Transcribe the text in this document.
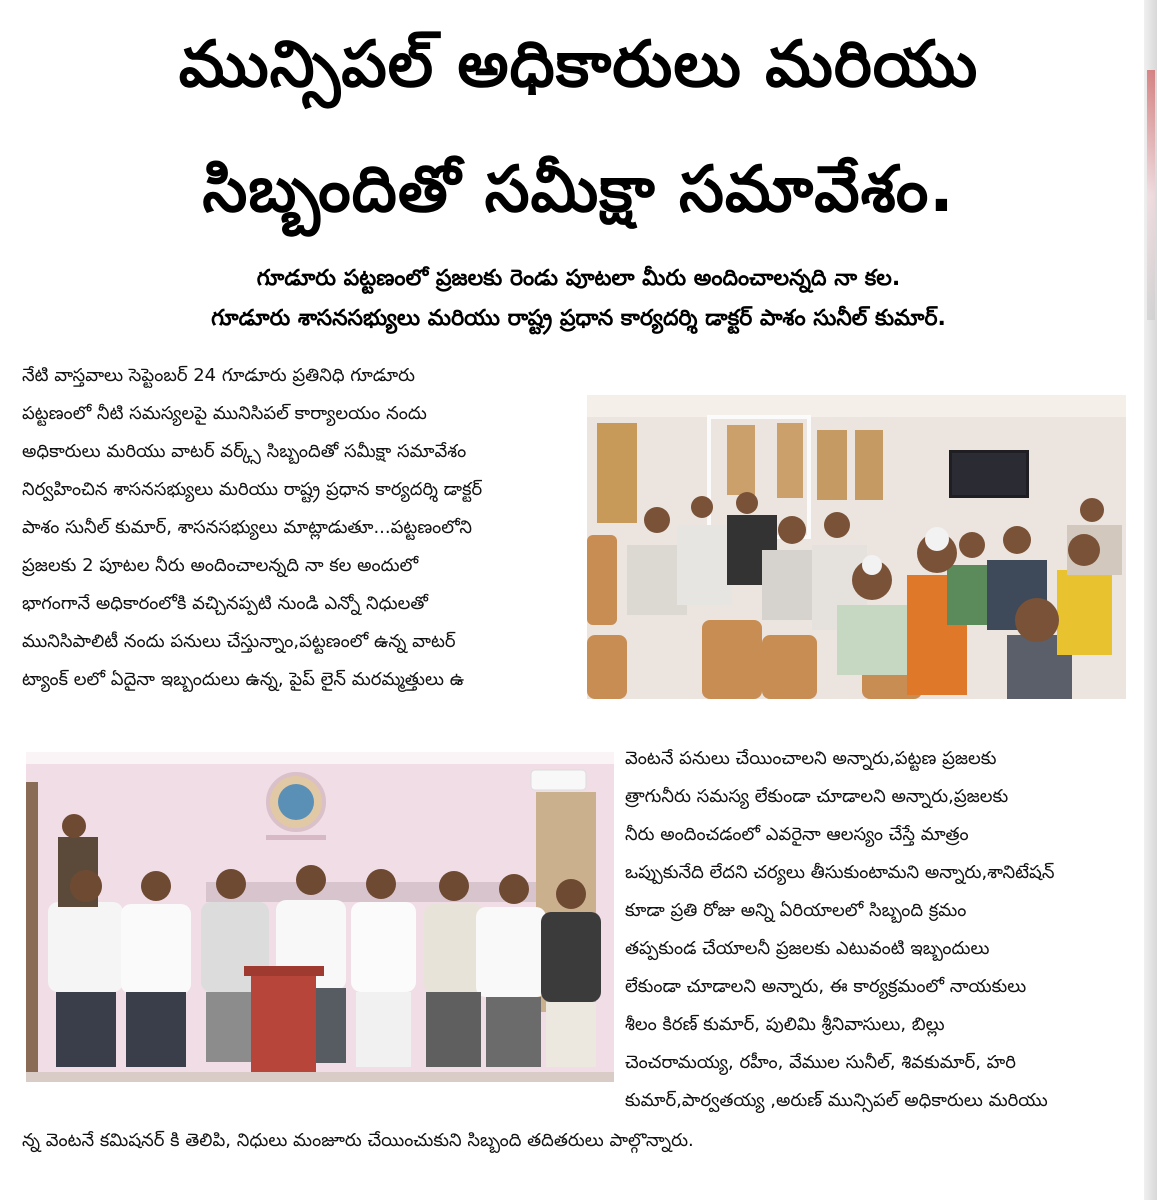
మున్సిపల్ అధికారులు మరియు
సిబ్బందితో సమీక్షా సమావేశం.
గూడూరు పట్టణంలో ప్రజలకు రెండు పూటలా మీరు అందించాలన్నది నా కల.
గూడూరు శాసనసభ్యులు మరియు రాష్ట్ర ప్రధాన కార్యదర్శి డాక్టర్ పాశం సునీల్ కుమార్.
నేటి వాస్తవాలు సెప్టెంబర్ 24 గూడూరు ప్రతినిధి గూడూరు
పట్టణంలో నీటి సమస్యలపై మునిసిపల్ కార్యాలయం నందు
అధికారులు మరియు వాటర్ వర్క్స్ సిబ్బందితో సమీక్షా సమావేశం
నిర్వహించిన శాసనసభ్యులు మరియు రాష్ట్ర ప్రధాన కార్యదర్శి డాక్టర్
పాశం సునీల్ కుమార్, శాసనసభ్యులు మాట్లాడుతూ...పట్టణంలోని
ప్రజలకు 2 పూటల నీరు అందించాలన్నది నా కల అందులో
భాగంగానే అధికారంలోకి వచ్చినప్పటి నుండి ఎన్నో నిధులతో
మునిసిపాలిటీ నందు పనులు చేస్తున్నాం,పట్టణంలో ఉన్న వాటర్
ట్యాంక్ లలో ఏదైనా ఇబ్బందులు ఉన్న, పైప్ లైన్ మరమ్మత్తులు ఉ
వెంటనే పనులు చేయించాలని అన్నారు,పట్టణ ప్రజలకు
త్రాగునీరు సమస్య లేకుండా చూడాలని అన్నారు,ప్రజలకు
నీరు అందించడంలో ఎవరైనా ఆలస్యం చేస్తే మాత్రం
ఒప్పుకునేది లేదని చర్యలు తీసుకుంటామని అన్నారు,శానిటేషన్
కూడా ప్రతి రోజు అన్ని ఏరియాలలో సిబ్బంది క్రమం
తప్పకుండ చేయాలనీ ప్రజలకు ఎటువంటి ఇబ్బందులు
లేకుండా చూడాలని అన్నారు, ఈ కార్యక్రమంలో నాయకులు
శీలం కిరణ్ కుమార్, పులిమి శ్రీనివాసులు, బిల్లు
చెంచరామయ్య, రహీం, వేముల సునీల్, శివకుమార్, హరి
కుమార్,పార్వతయ్య ,అరుణ్ మున్సిపల్ అధికారులు మరియు
న్న వెంటనే కమిషనర్ కి తెలిపి, నిధులు మంజూరు చేయించుకుని సిబ్బంది తదితరులు పాల్గొన్నారు.
